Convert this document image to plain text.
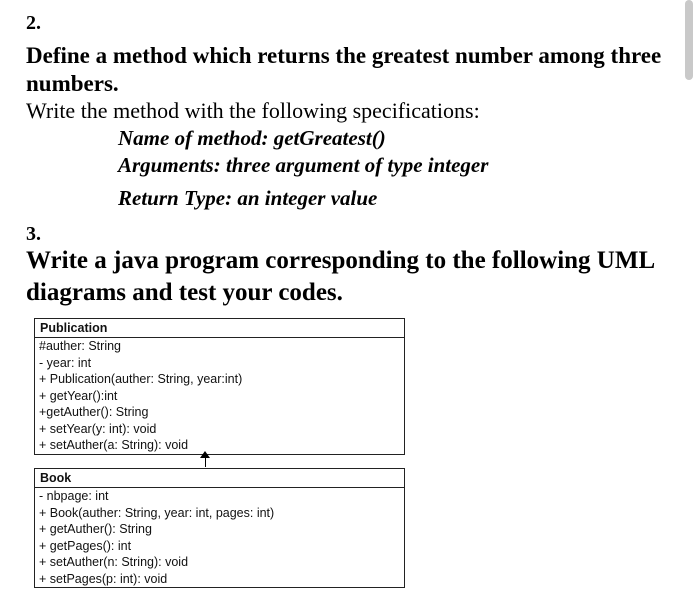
2.
Define a method which returns the greatest number among three
numbers.
Write the method with the following specifications:
Name of method: getGreatest()
Arguments: three argument of type integer
Return Type: an integer value
3.
Write a java program corresponding to the following UML
diagrams and test your codes.
Publication
#auther: String
- year: int
+ Publication(auther: String, year:int)
+ getYear():int
+getAuther(): String
+ setYear(y: int): void
+ setAuther(a: String): void
Book
- nbpage: int
+ Book(auther: String, year: int, pages: int)
+ getAuther(): String
+ getPages(): int
+ setAuther(n: String): void
+ setPages(p: int): void
